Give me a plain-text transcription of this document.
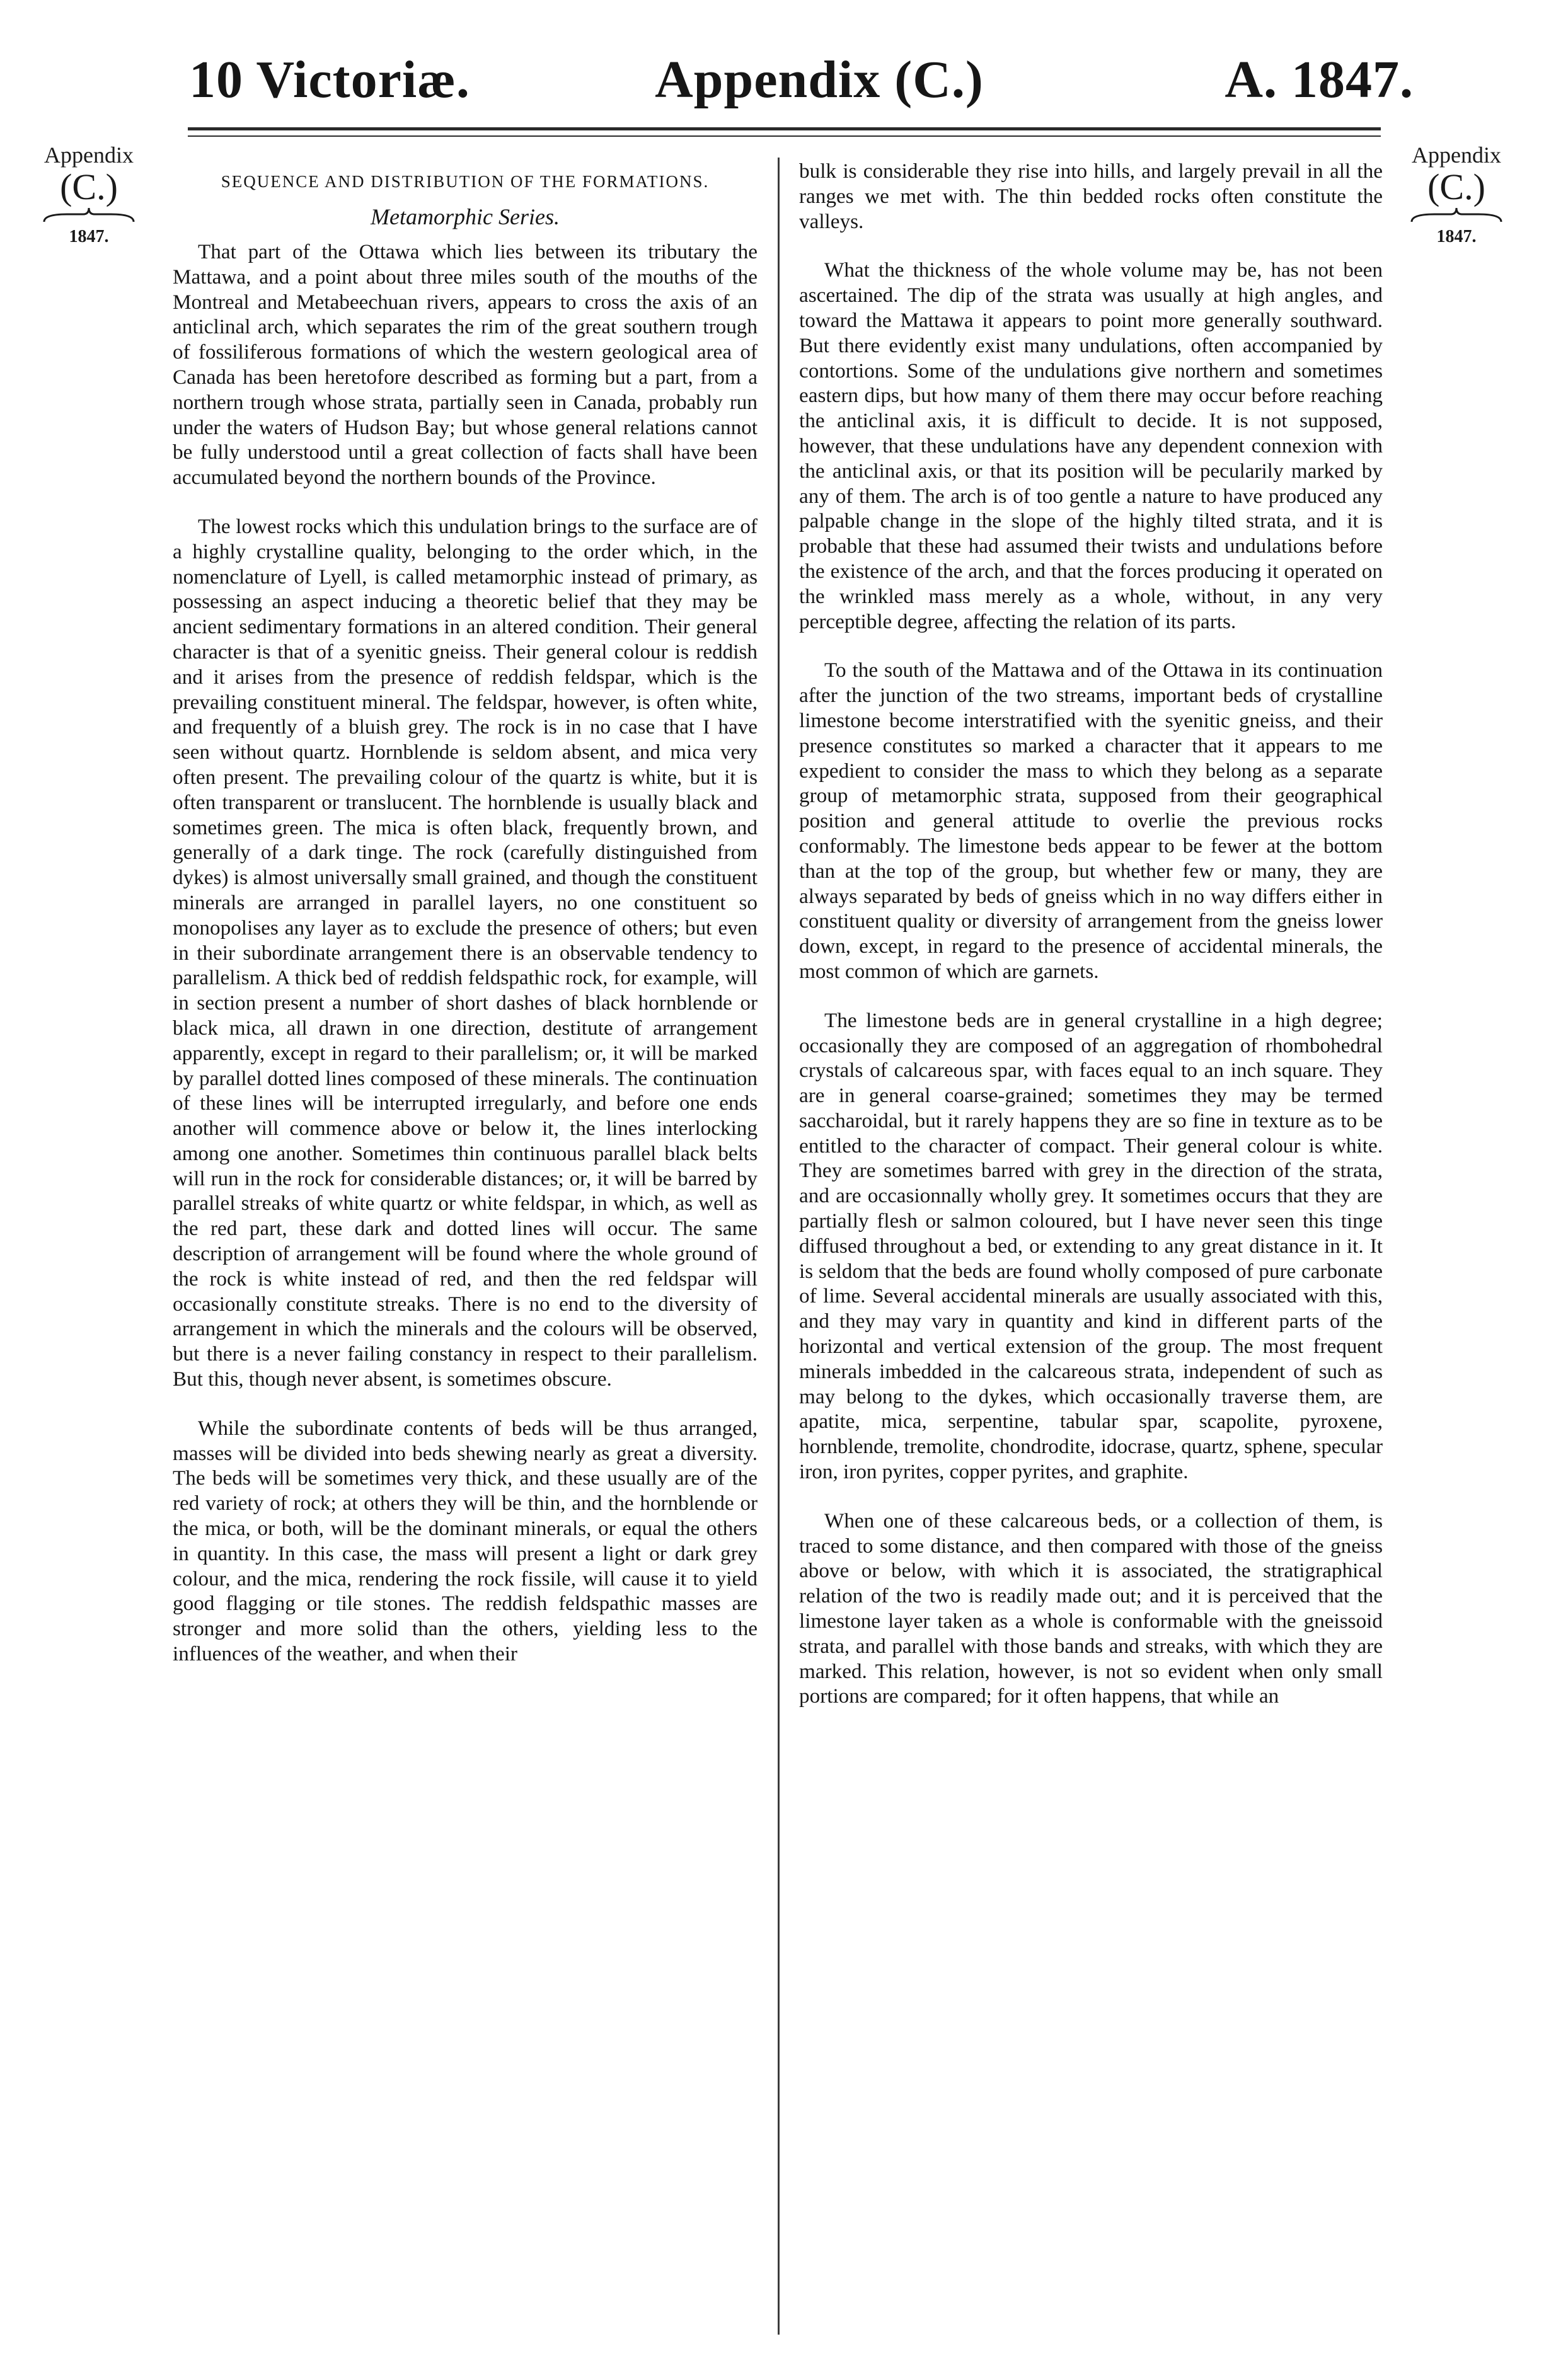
10 Victoriæ.	Appendix (C.)	A. 1847.
Appendix
(C.)
1847.
Appendix
(C.)
1847.
SEQUENCE AND DISTRIBUTION OF THE FORMATIONS.
Metamorphic Series.

That part of the Ottawa which lies between its tributary the Mattawa, and a point about three miles south of the mouths of the Montreal and Metabeechuan rivers, appears to cross the axis of an anticlinal arch, which separates the rim of the great southern trough of fossiliferous formations of which the western geological area of Canada has been heretofore described as forming but a part, from a northern trough whose strata, partially seen in Canada, probably run under the waters of Hudson Bay; but whose general relations cannot be fully understood until a great collection of facts shall have been accumulated beyond the northern bounds of the Province.

The lowest rocks which this undulation brings to the surface are of a highly crystalline quality, belonging to the order which, in the nomenclature of Lyell, is called metamorphic instead of primary, as possessing an aspect inducing a theoretic belief that they may be ancient sedimentary formations in an altered condition. Their general character is that of a syenitic gneiss. Their general colour is reddish and it arises from the presence of reddish feldspar, which is the prevailing constituent mineral. The feldspar, however, is often white, and frequently of a bluish grey. The rock is in no case that I have seen without quartz. Hornblende is seldom absent, and mica very often present. The prevailing colour of the quartz is white, but it is often transparent or translucent. The hornblende is usually black and sometimes green. The mica is often black, frequently brown, and generally of a dark tinge. The rock (carefully distinguished from dykes) is almost universally small grained, and though the constituent minerals are arranged in parallel layers, no one constituent so monopolises any layer as to exclude the presence of others; but even in their subordinate arrangement there is an observable tendency to parallelism. A thick bed of reddish feldspathic rock, for example, will in section present a number of short dashes of black hornblende or black mica, all drawn in one direction, destitute of arrangement apparently, except in regard to their parallelism; or, it will be marked by parallel dotted lines composed of these minerals. The continuation of these lines will be interrupted irregularly, and before one ends another will commence above or below it, the lines interlocking among one another. Sometimes thin continuous parallel black belts will run in the rock for considerable distances; or, it will be barred by parallel streaks of white quartz or white feldspar, in which, as well as the red part, these dark and dotted lines will occur. The same description of arrangement will be found where the whole ground of the rock is white instead of red, and then the red feldspar will occasionally constitute streaks. There is no end to the diversity of arrangement in which the minerals and the colours will be observed, but there is a never failing constancy in respect to their parallelism. But this, though never absent, is sometimes obscure.

While the subordinate contents of beds will be thus arranged, masses will be divided into beds shewing nearly as great a diversity. The beds will be sometimes very thick, and these usually are of the red variety of rock; at others they will be thin, and the hornblende or the mica, or both, will be the dominant minerals, or equal the others in quantity. In this case, the mass will present a light or dark grey colour, and the mica, rendering the rock fissile, will cause it to yield good flagging or tile stones. The reddish feldspathic masses are stronger and more solid than the others, yielding less to the influences of the weather, and when their

bulk is considerable they rise into hills, and largely prevail in all the ranges we met with. The thin bedded rocks often constitute the valleys.

What the thickness of the whole volume may be, has not been ascertained. The dip of the strata was usually at high angles, and toward the Mattawa it appears to point more generally southward. But there evidently exist many undulations, often accompanied by contortions. Some of the undulations give northern and sometimes eastern dips, but how many of them there may occur before reaching the anticlinal axis, it is difficult to decide. It is not supposed, however, that these undulations have any dependent connexion with the anticlinal axis, or that its position will be pecularily marked by any of them. The arch is of too gentle a nature to have produced any palpable change in the slope of the highly tilted strata, and it is probable that these had assumed their twists and undulations before the existence of the arch, and that the forces producing it operated on the wrinkled mass merely as a whole, without, in any very perceptible degree, affecting the relation of its parts.

To the south of the Mattawa and of the Ottawa in its continuation after the junction of the two streams, important beds of crystalline limestone become interstratified with the syenitic gneiss, and their presence constitutes so marked a character that it appears to me expedient to consider the mass to which they belong as a separate group of metamorphic strata, supposed from their geographical position and general attitude to overlie the previous rocks conformably. The limestone beds appear to be fewer at the bottom than at the top of the group, but whether few or many, they are always separated by beds of gneiss which in no way differs either in constituent quality or diversity of arrangement from the gneiss lower down, except, in regard to the presence of accidental minerals, the most common of which are garnets.

The limestone beds are in general crystalline in a high degree; occasionally they are composed of an aggregation of rhombohedral crystals of calcareous spar, with faces equal to an inch square. They are in general coarse-grained; sometimes they may be termed saccharoidal, but it rarely happens they are so fine in texture as to be entitled to the character of compact. Their general colour is white. They are sometimes barred with grey in the direction of the strata, and are occasionnally wholly grey. It sometimes occurs that they are partially flesh or salmon coloured, but I have never seen this tinge diffused throughout a bed, or extending to any great distance in it. It is seldom that the beds are found wholly composed of pure carbonate of lime. Several accidental minerals are usually associated with this, and they may vary in quantity and kind in different parts of the horizontal and vertical extension of the group. The most frequent minerals imbedded in the calcareous strata, independent of such as may belong to the dykes, which occasionally traverse them, are apatite, mica, serpentine, tabular spar, scapolite, pyroxene, hornblende, tremolite, chondrodite, idocrase, quartz, sphene, specular iron, iron pyrites, copper pyrites, and graphite.

When one of these calcareous beds, or a collection of them, is traced to some distance, and then compared with those of the gneiss above or below, with which it is associated, the stratigraphical relation of the two is readily made out; and it is perceived that the limestone layer taken as a whole is conformable with the gneissoid strata, and parallel with those bands and streaks, with which they are marked. This relation, however, is not so evident when only small portions are compared; for it often happens, that while an
